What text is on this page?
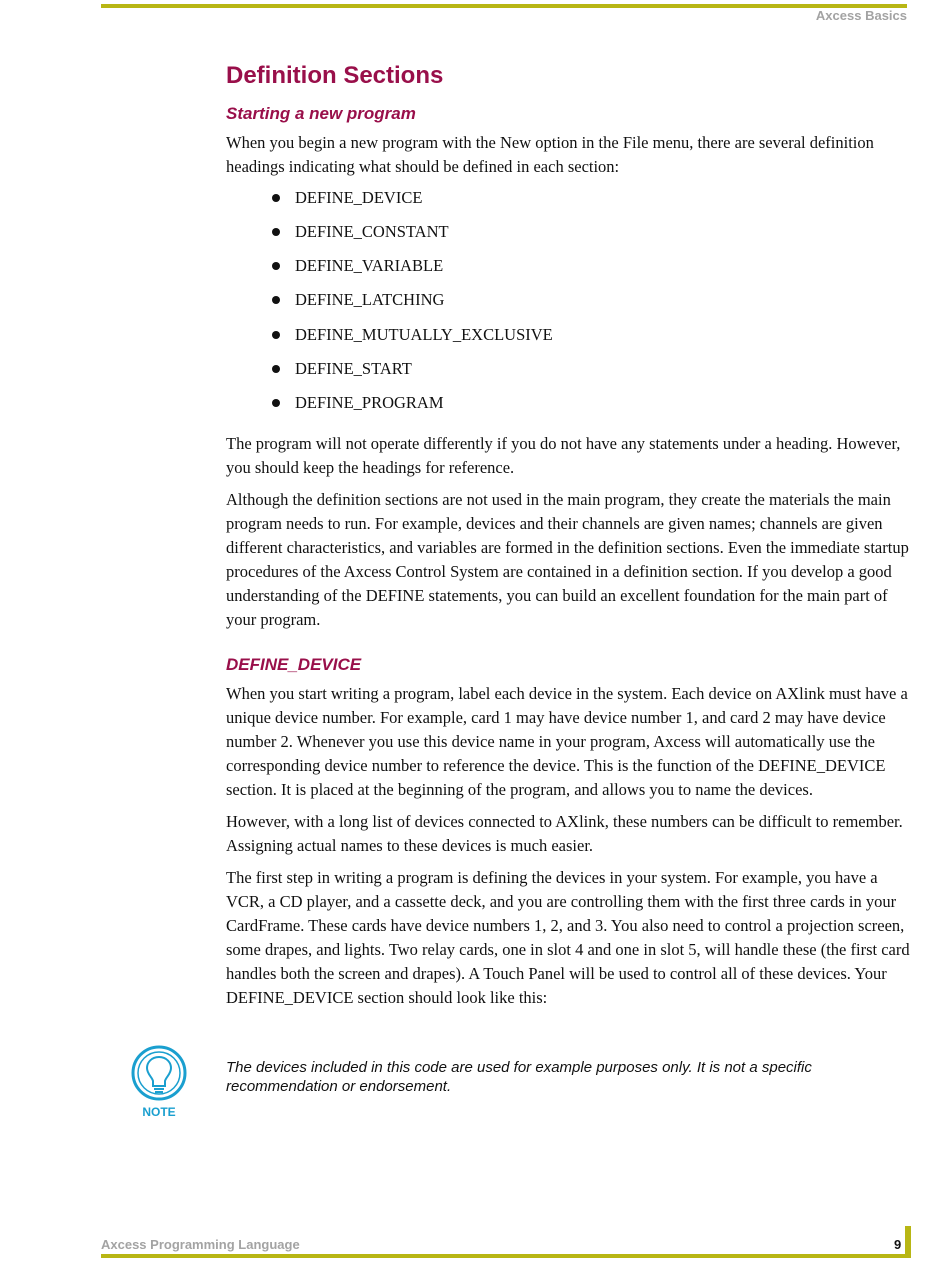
Axcess Basics
Definition Sections
Starting a new program

When you begin a new program with the New option in the File menu, there are several definition headings indicating what should be defined in each section:

DEFINE_DEVICE
DEFINE_CONSTANT
DEFINE_VARIABLE
DEFINE_LATCHING
DEFINE_MUTUALLY_EXCLUSIVE
DEFINE_START
DEFINE_PROGRAM

The program will not operate differently if you do not have any statements under a heading. However, you should keep the headings for reference.

Although the definition sections are not used in the main program, they create the materials the main program needs to run. For example, devices and their channels are given names; channels are given different characteristics, and variables are formed in the definition sections. Even the immediate startup procedures of the Axcess Control System are contained in a definition section. If you develop a good understanding of the DEFINE statements, you can build an excellent foundation for the main part of your program.

DEFINE_DEVICE

When you start writing a program, label each device in the system. Each device on AXlink must have a unique device number. For example, card 1 may have device number 1, and card 2 may have device number 2. Whenever you use this device name in your program, Axcess will automatically use the corresponding device number to reference the device. This is the function of the DEFINE_DEVICE section. It is placed at the beginning of the program, and allows you to name the devices.

However, with a long list of devices connected to AXlink, these numbers can be difficult to remember. Assigning actual names to these devices is much easier.

The first step in writing a program is defining the devices in your system. For example, you have a VCR, a CD player, and a cassette deck, and you are controlling them with the first three cards in your CardFrame. These cards have device numbers 1, 2, and 3. You also need to control a projection screen, some drapes, and lights. Two relay cards, one in slot 4 and one in slot 5, will handle these (the first card handles both the screen and drapes). A Touch Panel will be used to control all of these devices. Your DEFINE_DEVICE section should look like this:

NOTE
The devices included in this code are used for example purposes only. It is not a specific recommendation or endorsement.
Axcess Programming Language	9
